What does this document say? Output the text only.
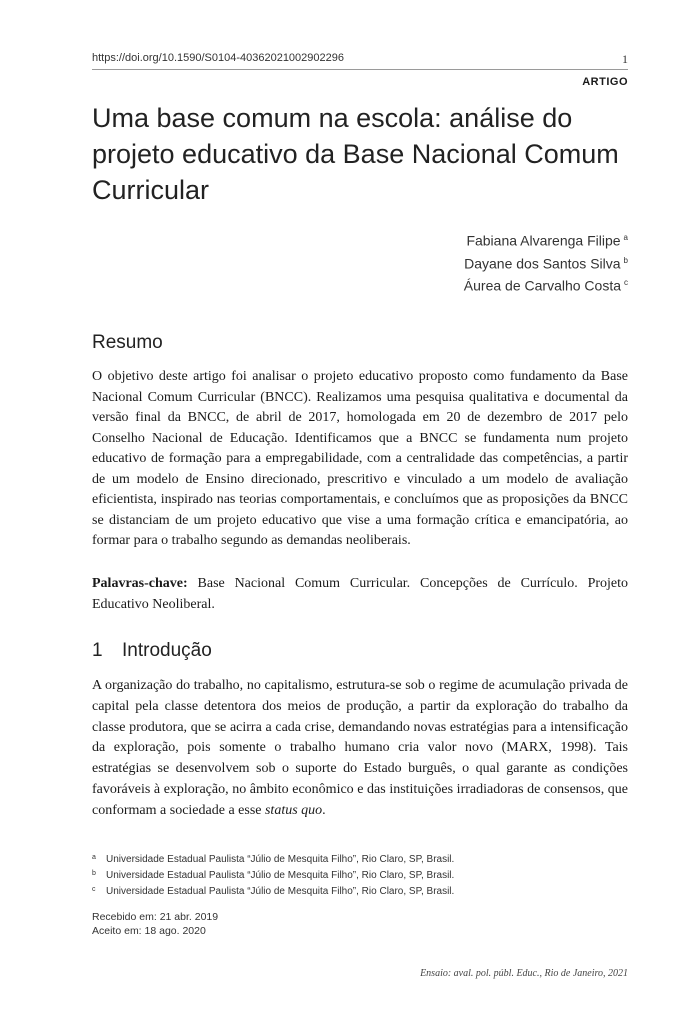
https://doi.org/10.1590/S0104-40362021002902296	1
ARTIGO
Uma base comum na escola: análise do projeto educativo da Base Nacional Comum Curricular
Fabiana Alvarenga Filipe $^a$
Dayane dos Santos Silva $^b$
Áurea de Carvalho Costa $^c$
Resumo

O objetivo deste artigo foi analisar o projeto educativo proposto como fundamento da Base Nacional Comum Curricular (BNCC). Realizamos uma pesquisa qualitativa e documental da versão final da BNCC, de abril de 2017, homologada em 20 de dezembro de 2017 pelo Conselho Nacional de Educação. Identificamos que a BNCC se fundamenta num projeto educativo de formação para a empregabilidade, com a centralidade das competências, a partir de um modelo de Ensino direcionado, prescritivo e vinculado a um modelo de avaliação eficientista, inspirado nas teorias comportamentais, e concluímos que as proposições da BNCC se distanciam de um projeto educativo que vise a uma formação crítica e emancipatória, ao formar para o trabalho segundo as demandas neoliberais.

Palavras-chave: Base Nacional Comum Curricular. Concepções de Currículo. Projeto Educativo Neoliberal.

1 Introdução

A organização do trabalho, no capitalismo, estrutura-se sob o regime de acumulação privada de capital pela classe detentora dos meios de produção, a partir da exploração do trabalho da classe produtora, que se acirra a cada crise, demandando novas estratégias para a intensificação da exploração, pois somente o trabalho humano cria valor novo (MARX, 1998). Tais estratégias se desenvolvem sob o suporte do Estado burguês, o qual garante as condições favoráveis à exploração, no âmbito econômico e das instituições irradiadoras de consensos, que conformam a sociedade a esse status quo.

a	Universidade Estadual Paulista “Júlio de Mesquita Filho”, Rio Claro, SP, Brasil.
b	Universidade Estadual Paulista “Júlio de Mesquita Filho”, Rio Claro, SP, Brasil.
c	Universidade Estadual Paulista “Júlio de Mesquita Filho”, Rio Claro, SP, Brasil.
Recebido em: 21 abr. 2019
Aceito em: 18 ago. 2020
Ensaio: aval. pol. públ. Educ., Rio de Janeiro, 2021
